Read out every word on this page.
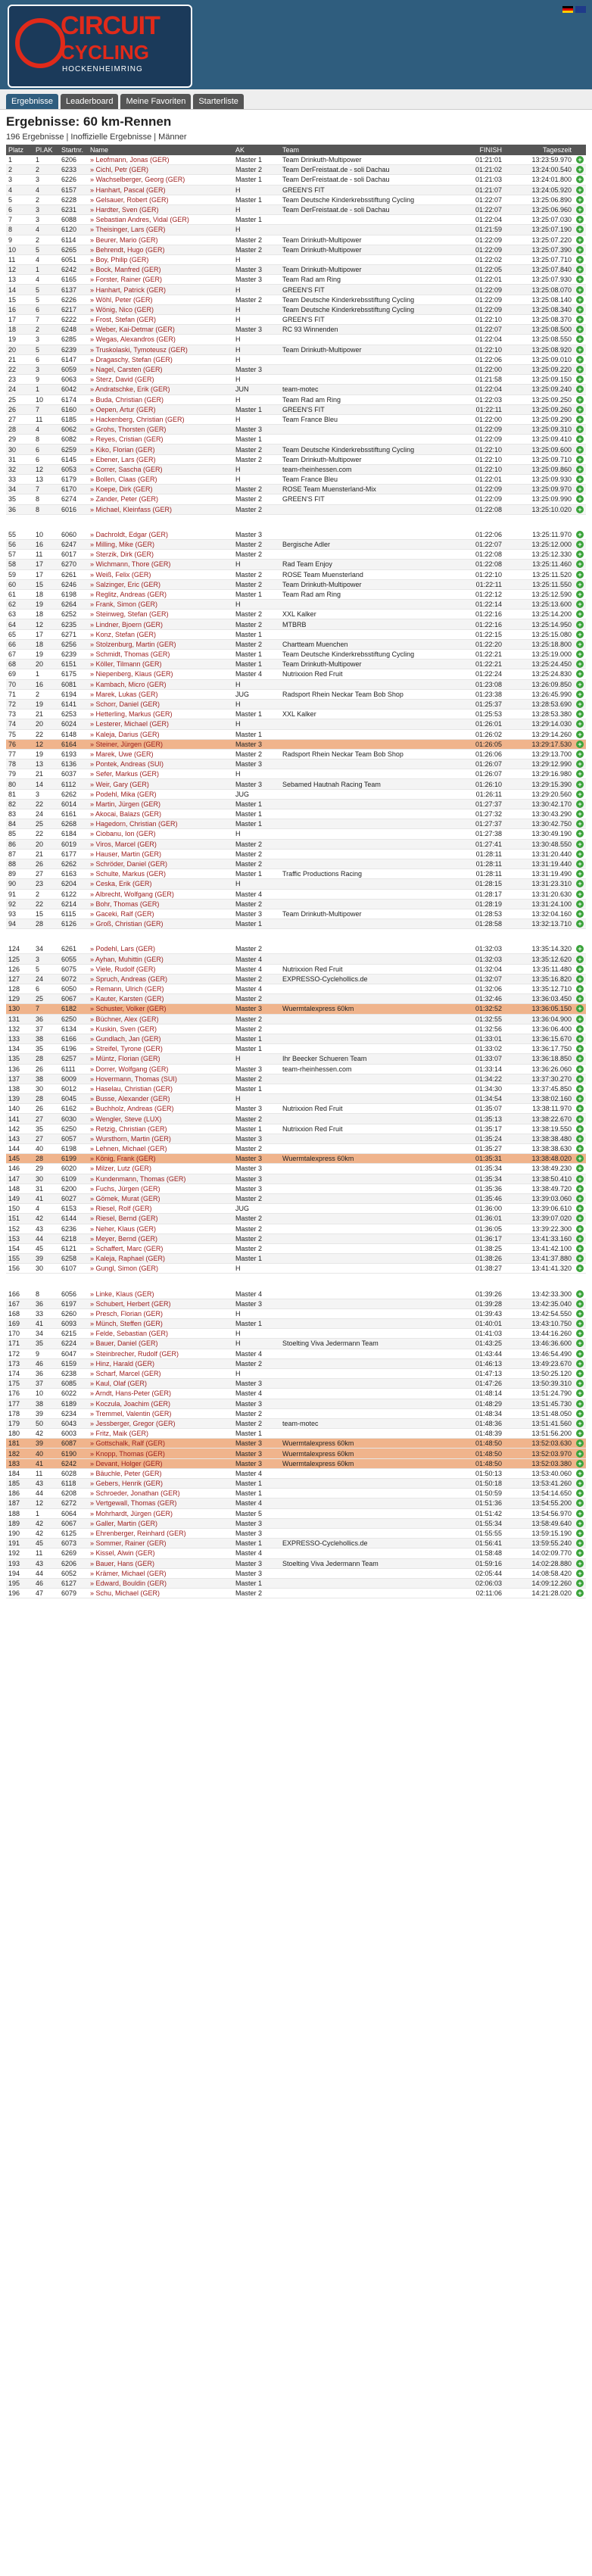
CIRCUIT
CYCLING
HOCKENHEIMRING
Ergebnisse	Leaderboard	Meine Favoriten	Starterliste
Ergebnisse: 60 km-Rennen
196 Ergebnisse | Inoffizielle Ergebnisse | Männer
Platz	Pl.AK	Startnr.	Name	AK	Team	FINISH	Tageszeit	
1	1	6206	» Leofmann, Jonas (GER)	Master 1	Team Drinkuth-Multipower	01:21:01	13:23:59.970	+
2	2	6233	» Cichl, Petr (GER)	Master 2	Team DerFreistaat.de - soli Dachau	01:21:02	13:24:00.540	+
3	3	6226	» Wachselberger, Georg (GER)	Master 1	Team DerFreistaat.de - soli Dachau	01:21:03	13:24:01.800	+
4	4	6157	» Hanhart, Pascal (GER)	H	GREEN'S FIT	01:21:07	13:24:05.920	+
5	2	6228	» Gelsauer, Robert (GER)	Master 1	Team Deutsche Kinderkrebsstiftung Cycling	01:22:07	13:25:06.890	+
6	3	6231	» Hardter, Sven (GER)	H	Team DerFreistaat.de - soli Dachau	01:22:07	13:25:06.960	+
7	3	6088	» Sebastian Andres, Vidal (GER)	Master 1		01:22:04	13:25:07.030	+
8	4	6120	» Theisinger, Lars (GER)	H		01:21:59	13:25:07.190	+
9	2	6114	» Beurer, Mario (GER)	Master 2	Team Drinkuth-Multipower	01:22:09	13:25:07.220	+
10	5	6265	» Behrendt, Hugo (GER)	Master 2	Team Drinkuth-Multipower	01:22:09	13:25:07.390	+
11	4	6051	» Boy, Philip (GER)	H		01:22:02	13:25:07.710	+
12	1	6242	» Bock, Manfred (GER)	Master 3	Team Drinkuth-Multipower	01:22:05	13:25:07.840	+
13	4	6165	» Forster, Rainer (GER)	Master 3	Team Rad am Ring	01:22:01	13:25:07.930	+
14	5	6137	» Hanhart, Patrick (GER)	H	GREEN'S FIT	01:22:09	13:25:08.070	+
15	5	6226	» Wöhl, Peter (GER)	Master 2	Team Deutsche Kinderkrebsstiftung Cycling	01:22:09	13:25:08.140	+
16	6	6217	» Wönig, Nico (GER)	H	Team Deutsche Kinderkrebsstiftung Cycling	01:22:09	13:25:08.340	+
17	7	6222	» Frost, Stefan (GER)	H	GREEN'S FIT	01:22:10	13:25:08.370	+
18	2	6248	» Weber, Kai-Detmar (GER)	Master 3	RC 93 Winnenden	01:22:07	13:25:08.500	+
19	3	6285	» Wegas, Alexandros (GER)	H		01:22:04	13:25:08.550	+
20	5	6239	» Truskolaski, Tymoteusz (GER)	H	Team Drinkuth-Multipower	01:22:10	13:25:08.920	+
21	6	6147	» Dragaschy, Stefan (GER)	H		01:22:06	13:25:09.010	+
22	3	6059	» Nagel, Carsten (GER)	Master 3		01:22:00	13:25:09.220	+
23	9	6063	» Sterz, David (GER)	H		01:21:58	13:25:09.150	+
24	1	6042	» Andratschke, Erik (GER)	JUN	team-motec	01:22:04	13:25:09.240	+
25	10	6174	» Buda, Christian (GER)	H	Team Rad am Ring	01:22:03	13:25:09.250	+
26	7	6160	» Oepen, Artur (GER)	Master 1	GREEN'S FIT	01:22:11	13:25:09.260	+
27	11	6185	» Hackenberg, Christian (GER)	H	Team France Bleu	01:22:00	13:25:09.290	+
28	4	6062	» Grohs, Thorsten (GER)	Master 3		01:22:09	13:25:09.310	+
29	8	6082	» Reyes, Cristian (GER)	Master 1		01:22:09	13:25:09.410	+
30	6	6259	» Kiko, Florian (GER)	Master 2	Team Deutsche Kinderkrebsstiftung Cycling	01:22:10	13:25:09.600	+
31	6	6145	» Ebener, Lars (GER)	Master 2	Team Drinkuth-Multipower	01:22:10	13:25:09.710	+
32	12	6053	» Correr, Sascha (GER)	H	team-rheinhessen.com	01:22:10	13:25:09.860	+
33	13	6179	» Bollen, Claas (GER)	H	Team France Bleu	01:22:01	13:25:09.930	+
34	7	6170	» Koepe, Dirk (GER)	Master 2	ROSE Team Muensterland-Mix	01:22:09	13:25:09.970	+
35	8	6274	» Zander, Peter (GER)	Master 2	GREEN'S FIT	01:22:09	13:25:09.990	+
36	8	6016	» Michael, Kleinfass (GER)	Master 2		01:22:08	13:25:10.020	+

55	10	6060	» Dachroldt, Edgar (GER)	Master 3		01:22:06	13:25:11.970	+
56	16	6247	» Milling, Mike (GER)	Master 2	Bergische Adler	01:22:07	13:25:12.000	+
57	11	6017	» Sterzik, Dirk (GER)	Master 2		01:22:08	13:25:12.330	+
58	17	6270	» Wichmann, Thore (GER)	H	Rad Team Enjoy	01:22:08	13:25:11.460	+
59	17	6261	» Weiß, Felix (GER)	Master 2	ROSE Team Muensterland	01:22:10	13:25:11.520	+
60	15	6246	» Salzinger, Eric (GER)	Master 2	Team Drinkuth-Multipower	01:22:11	13:25:11.550	+
61	18	6198	» Reglitz, Andreas (GER)	Master 1	Team Rad am Ring	01:22:12	13:25:12.590	+
62	19	6264	» Frank, Simon (GER)	H		01:22:14	13:25:13.600	+
63	18	6252	» Steinweg, Stefan (GER)	Master 2	XXL Kalker	01:22:16	13:25:14.200	+
64	12	6235	» Lindner, Bjoern (GER)	Master 2	MTBRB	01:22:16	13:25:14.950	+
65	17	6271	» Konz, Stefan (GER)	Master 1		01:22:15	13:25:15.080	+
66	18	6256	» Stolzenburg, Martin (GER)	Master 2	Chartteam Muenchen	01:22:20	13:25:18.800	+
67	19	6239	» Schmidt, Thomas (GER)	Master 1	Team Deutsche Kinderkrebsstiftung Cycling	01:22:21	13:25:19.000	+
68	20	6151	» Köller, Tilmann (GER)	Master 1	Team Drinkuth-Multipower	01:22:21	13:25:24.450	+
69	1	6175	» Niepenberg, Klaus (GER)	Master 4	Nutrixxion Red Fruit	01:22:24	13:25:24.830	+
70	16	6081	» Kambach, Micro (GER)	H		01:23:08	13:26:09.850	+
71	2	6194	» Marek, Lukas (GER)	JUG	Radsport Rhein Neckar Team Bob Shop	01:23:38	13:26:45.990	+
72	19	6141	» Schorr, Daniel (GER)	H		01:25:37	13:28:53.690	+
73	21	6253	» Hetterling, Markus (GER)	Master 1	XXL Kalker	01:25:53	13:28:53.380	+
74	20	6024	» Lesterer, Michael (GER)	H		01:26:01	13:29:14.030	+
75	22	6148	» Kaleja, Darius (GER)	Master 1		01:26:02	13:29:14.260	+
76	12	6164	» Steiner, Jürgen (GER)	Master 3		01:26:05	13:29:17.530	+
77	19	6193	» Marek, Uwe (GER)	Master 2	Radsport Rhein Neckar Team Bob Shop	01:26:06	13:29:13.700	+
78	13	6136	» Pontek, Andreas (SUI)	Master 3		01:26:07	13:29:12.990	+
79	21	6037	» Sefer, Markus (GER)	H		01:26:07	13:29:16.980	+
80	14	6112	» Weir, Gary (GER)	Master 3	Sebamed Hautnah Racing Team	01:26:10	13:29:15.390	+
81	3	6262	» Podehl, Mika (GER)	JUG		01:26:11	13:29:20.560	+
82	22	6014	» Martin, Jürgen (GER)	Master 1		01:27:37	13:30:42.170	+
83	24	6161	» Akocai, Balazs (GER)	Master 1		01:27:32	13:30:43.290	+
84	25	6268	» Hagedorn, Christian (GER)	Master 1		01:27:37	13:30:42.750	+
85	22	6184	» Ciobanu, Ion (GER)	H		01:27:38	13:30:49.190	+
86	20	6019	» Viros, Marcel (GER)	Master 2		01:27:41	13:30:48.550	+
87	21	6177	» Hauser, Martin (GER)	Master 2		01:28:11	13:31:20.440	+
88	26	6262	» Schröder, Daniel (GER)	Master 2		01:28:11	13:31:19.440	+
89	27	6163	» Schulte, Markus (GER)	Master 1	Traffic Productions Racing	01:28:11	13:31:19.490	+
90	23	6204	» Ceska, Erik (GER)	H		01:28:15	13:31:23.310	+
91	2	6122	» Albrecht, Wolfgang (GER)	Master 4		01:28:17	13:31:20.630	+
92	22	6214	» Bohr, Thomas (GER)	Master 2		01:28:19	13:31:24.100	+
93	15	6115	» Gaceki, Ralf (GER)	Master 3	Team Drinkuth-Multipower	01:28:53	13:32:04.160	+
94	28	6126	» Groß, Christian (GER)	Master 1		01:28:58	13:32:13.710	+

124	34	6261	» Podehl, Lars (GER)	Master 2		01:32:03	13:35:14.320	+
125	3	6055	» Ayhan, Muhittin (GER)	Master 4		01:32:03	13:35:12.620	+
126	5	6075	» Viele, Rudolf (GER)	Master 4	Nutrixxion Red Fruit	01:32:04	13:35:11.480	+
127	24	6072	» Spruch, Andreas (GER)	Master 2	EXPRESSO-Cyclehollics.de	01:32:07	13:35:16.820	+
128	6	6050	» Remann, Ulrich (GER)	Master 4		01:32:06	13:35:12.710	+
129	25	6067	» Kauter, Karsten (GER)	Master 2		01:32:46	13:36:03.450	+
130	7	6182	» Schuster, Volker (GER)	Master 3	Wuermtalexpress 60km	01:32:52	13:36:05.150	+
131	36	6250	» Büchner, Alex (GER)	Master 2		01:32:55	13:36:04.900	+
132	37	6134	» Kuskin, Sven (GER)	Master 2		01:32:56	13:36:06.400	+
133	38	6166	» Gundlach, Jan (GER)	Master 1		01:33:01	13:36:15.670	+
134	35	6196	» Streifel, Tyrone (GER)	Master 1		01:33:02	13:36:17.750	+
135	28	6257	» Müntz, Florian (GER)	H	Ihr Beecker Schueren Team	01:33:07	13:36:18.850	+
136	26	6111	» Dorrer, Wolfgang (GER)	Master 3	team-rheinhessen.com	01:33:14	13:36:26.060	+
137	38	6009	» Hovermann, Thomas (SUI)	Master 2		01:34:22	13:37:30.270	+
138	30	6012	» Haselau, Christian (GER)	Master 1		01:34:30	13:37:45.850	+
139	28	6045	» Busse, Alexander (GER)	H		01:34:54	13:38:02.160	+
140	26	6162	» Buchholz, Andreas (GER)	Master 3	Nutrixxion Red Fruit	01:35:07	13:38:11.970	+
141	27	6030	» Wengler, Steve (LUX)	Master 2		01:35:13	13:38:22.670	+
142	35	6250	» Retzig, Christian (GER)	Master 1	Nutrixxion Red Fruit	01:35:17	13:38:19.550	+
143	27	6057	» Wursthorn, Martin (GER)	Master 3		01:35:24	13:38:38.480	+
144	40	6198	» Lehnen, Michael (GER)	Master 2		01:35:27	13:38:38.630	+
145	28	6199	» König, Frank (GER)	Master 3	Wuermtalexpress 60km	01:35:31	13:38:48.020	+
146	29	6020	» Milzer, Lutz (GER)	Master 3		01:35:34	13:38:49.230	+
147	30	6109	» Kundenmann, Thomas (GER)	Master 3		01:35:34	13:38:50.410	+
148	31	6200	» Fuchs, Jürgen (GER)	Master 3		01:35:36	13:38:49.720	+
149	41	6027	» Gömek, Murat (GER)	Master 2		01:35:46	13:39:03.060	+
150	4	6153	» Riesel, Rolf (GER)	JUG		01:36:00	13:39:06.610	+
151	42	6144	» Riesel, Bernd (GER)	Master 2		01:36:01	13:39:07.020	+
152	43	6236	» Neher, Klaus (GER)	Master 2		01:36:05	13:39:22.300	+
153	44	6218	» Meyer, Bernd (GER)	Master 2		01:36:17	13:41:33.160	+
154	45	6121	» Schaffert, Marc (GER)	Master 2		01:38:25	13:41:42.100	+
155	39	6258	» Kaleja, Raphael (GER)	Master 1		01:38:26	13:41:37.880	+
156	30	6107	» Gungl, Simon (GER)	H		01:38:27	13:41:41.320	+

166	8	6056	» Linke, Klaus (GER)	Master 4		01:39:26	13:42:33.300	+
167	36	6197	» Schubert, Herbert (GER)	Master 3		01:39:28	13:42:35.040	+
168	33	6260	» Presch, Florian (GER)	H		01:39:43	13:42:54.550	+
169	41	6093	» Münch, Steffen (GER)	Master 1		01:40:01	13:43:10.750	+
170	34	6215	» Felde, Sebastian (GER)	H		01:41:03	13:44:16.260	+
171	35	6224	» Bauer, Daniel (GER)	H	Stoelting Viva Jedermann Team	01:43:25	13:46:36.600	+
172	9	6047	» Steinbrecher, Rudolf (GER)	Master 4		01:43:44	13:46:54.490	+
173	46	6159	» Hinz, Harald (GER)	Master 2		01:46:13	13:49:23.670	+
174	36	6238	» Scharf, Marcel (GER)	H		01:47:13	13:50:25.120	+
175	37	6085	» Kaul, Olaf (GER)	Master 3		01:47:26	13:50:39.310	+
176	10	6022	» Arndt, Hans-Peter (GER)	Master 4		01:48:14	13:51:24.790	+
177	38	6189	» Koczula, Joachim (GER)	Master 3		01:48:29	13:51:45.730	+
178	39	6234	» Tremmel, Valentin (GER)	Master 2		01:48:34	13:51:48.050	+
179	50	6043	» Jessberger, Gregor (GER)	Master 2	team-motec	01:48:36	13:51:41.560	+
180	42	6003	» Fritz, Maik (GER)	Master 1		01:48:39	13:51:56.200	+
181	39	6087	» Gottschalk, Ralf (GER)	Master 3	Wuermtalexpress 60km	01:48:50	13:52:03.630	+
182	40	6190	» Knopp, Thomas (GER)	Master 3	Wuermtalexpress 60km	01:48:50	13:52:03.970	+
183	41	6242	» Devant, Holger (GER)	Master 3	Wuermtalexpress 60km	01:48:50	13:52:03.380	+
184	11	6028	» Bäuchle, Peter (GER)	Master 4		01:50:13	13:53:40.060	+
185	43	6118	» Gebers, Henrik (GER)	Master 1		01:50:18	13:53:41.260	+
186	44	6208	» Schroeder, Jonathan (GER)	Master 1		01:50:59	13:54:14.650	+
187	12	6272	» Vertgewall, Thomas (GER)	Master 4		01:51:36	13:54:55.200	+
188	1	6064	» Mohrhardt, Jürgen (GER)	Master 5		01:51:42	13:54:56.970	+
189	42	6067	» Galler, Martin (GER)	Master 3		01:55:34	13:58:49.640	+
190	42	6125	» Ehrenberger, Reinhard (GER)	Master 3		01:55:55	13:59:15.190	+
191	45	6073	» Sommer, Rainer (GER)	Master 1	EXPRESSO-Cyclehollics.de	01:56:41	13:59:55.240	+
192	11	6269	» Kissel, Alwin (GER)	Master 4		01:58:48	14:02:09.770	+
193	43	6206	» Bauer, Hans (GER)	Master 3	Stoelting Viva Jedermann Team	01:59:16	14:02:28.880	+
194	44	6052	» Krämer, Michael (GER)	Master 3		02:05:44	14:08:58.420	+
195	46	6127	» Edward, Bouldin (GER)	Master 1		02:06:03	14:09:12.260	+
196	47	6079	» Schu, Michael (GER)	Master 2		02:11:06	14:21:28.020	+
